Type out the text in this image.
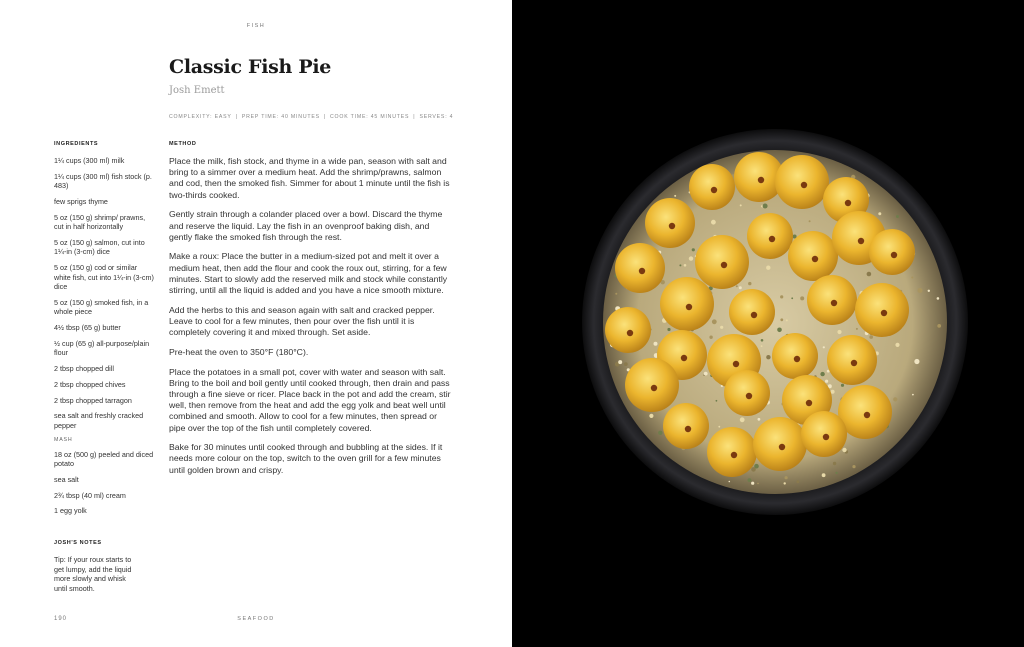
FISH
Classic Fish Pie
Josh Emett
COMPLEXITY: EASY | PREP TIME: 40 MINUTES | COOK TIME: 45 MINUTES | SERVES: 4
INGREDIENTS
1¼ cups (300 ml) milk
1¼ cups (300 ml) fish stock (p. 483)
few sprigs thyme
5 oz (150 g) shrimp/ prawns, cut in half horizontally
5 oz (150 g) salmon, cut into 1¼-in (3-cm) dice
5 oz (150 g) cod or similar white fish, cut into 1¼-in (3-cm) dice
5 oz (150 g) smoked fish, in a whole piece
4½ tbsp (65 g) butter
½ cup (65 g) all-purpose/plain flour
2 tbsp chopped dill
2 tbsp chopped chives
2 tbsp chopped tarragon
sea salt and freshly cracked pepper
MASH
18 oz (500 g) peeled and diced potato
sea salt
2¾ tbsp (40 ml) cream
1 egg yolk
JOSH'S NOTES

Tip: If your roux starts to get lumpy, add the liquid more slowly and whisk until smooth.

METHOD

Place the milk, fish stock, and thyme in a wide pan, season with salt and bring to a simmer over a medium heat. Add the shrimp/prawns, salmon and cod, then the smoked fish. Simmer for about 1 minute until the fish is two-thirds cooked.

Gently strain through a colander placed over a bowl. Discard the thyme and reserve the liquid. Lay the fish in an ovenproof baking dish, and gently flake the smoked fish through the rest.

Make a roux: Place the butter in a medium-sized pot and melt it over a medium heat, then add the flour and cook the roux out, stirring, for a few minutes. Start to slowly add the reserved milk and stock while constantly stirring, until all the liquid is added and you have a nice smooth mixture.

Add the herbs to this and season again with salt and cracked pepper. Leave to cool for a few minutes, then pour over the fish until it is completely covering it and mixed through. Set aside.

Pre-heat the oven to 350°F (180°C).

Place the potatoes in a small pot, cover with water and season with salt. Bring to the boil and boil gently until cooked through, then drain and pass through a fine sieve or ricer. Place back in the pot and add the cream, stir well, then remove from the heat and add the egg yolk and beat well until combined and smooth. Allow to cool for a few minutes, then spread or pipe over the top of the fish until completely covered.

Bake for 30 minutes until cooked through and bubbling at the sides. If it needs more colour on the top, switch to the oven grill for a few minutes until golden brown and crispy.

190	SEAFOOD
